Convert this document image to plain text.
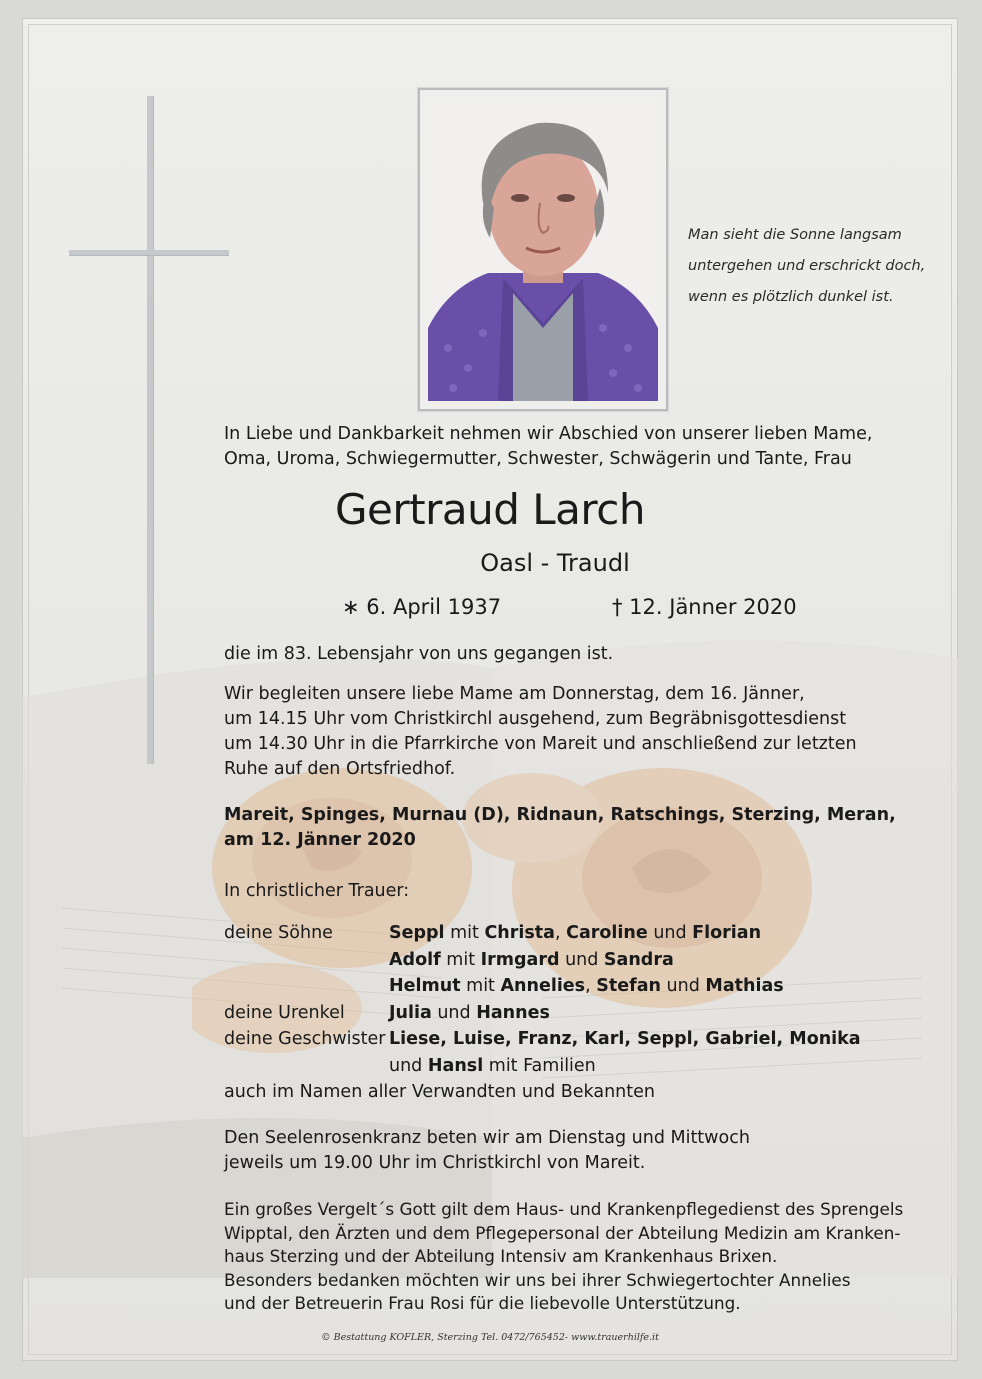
Man sieht die Sonne langsam
untergehen und erschrickt doch,
wenn es plötzlich dunkel ist.
In Liebe und Dankbarkeit nehmen wir Abschied von unserer lieben Mame,
Oma, Uroma, Schwiegermutter, Schwester, Schwägerin und Tante, Frau
Gertraud Larch
Oasl - Traudl
∗ 6. April 1937	† 12. Jänner 2020
die im 83. Lebensjahr von uns gegangen ist.
Wir begleiten unsere liebe Mame am Donnerstag, dem 16. Jänner,
um 14.15 Uhr vom Christkirchl ausgehend, zum Begräbnisgottesdienst
um 14.30 Uhr in die Pfarrkirche von Mareit und anschließend zur letzten
Ruhe auf den Ortsfriedhof.
Mareit, Spinges, Murnau (D), Ridnaun, Ratschings, Sterzing, Meran,
am 12. Jänner 2020
In christlicher Trauer:
deine Söhne	Seppl mit Christa, Caroline und Florian
Adolf mit Irmgard und Sandra
Helmut mit Annelies, Stefan und Mathias
deine Urenkel	Julia und Hannes
deine Geschwister Liese, Luise, Franz, Karl, Seppl, Gabriel, Monika
und Hansl mit Familien
auch im Namen aller Verwandten und Bekannten
Den Seelenrosenkranz beten wir am Dienstag und Mittwoch
jeweils um 19.00 Uhr im Christkirchl von Mareit.
Ein großes Vergelt´s Gott gilt dem Haus- und Krankenpflegedienst des Sprengels
Wipptal, den Ärzten und dem Pflegepersonal der Abteilung Medizin am Kranken-
haus Sterzing und der Abteilung Intensiv am Krankenhaus Brixen.
Besonders bedanken möchten wir uns bei ihrer Schwiegertochter Annelies
und der Betreuerin Frau Rosi für die liebevolle Unterstützung.
© Bestattung KOFLER, Sterzing Tel. 0472/765452- www.trauerhilfe.it
